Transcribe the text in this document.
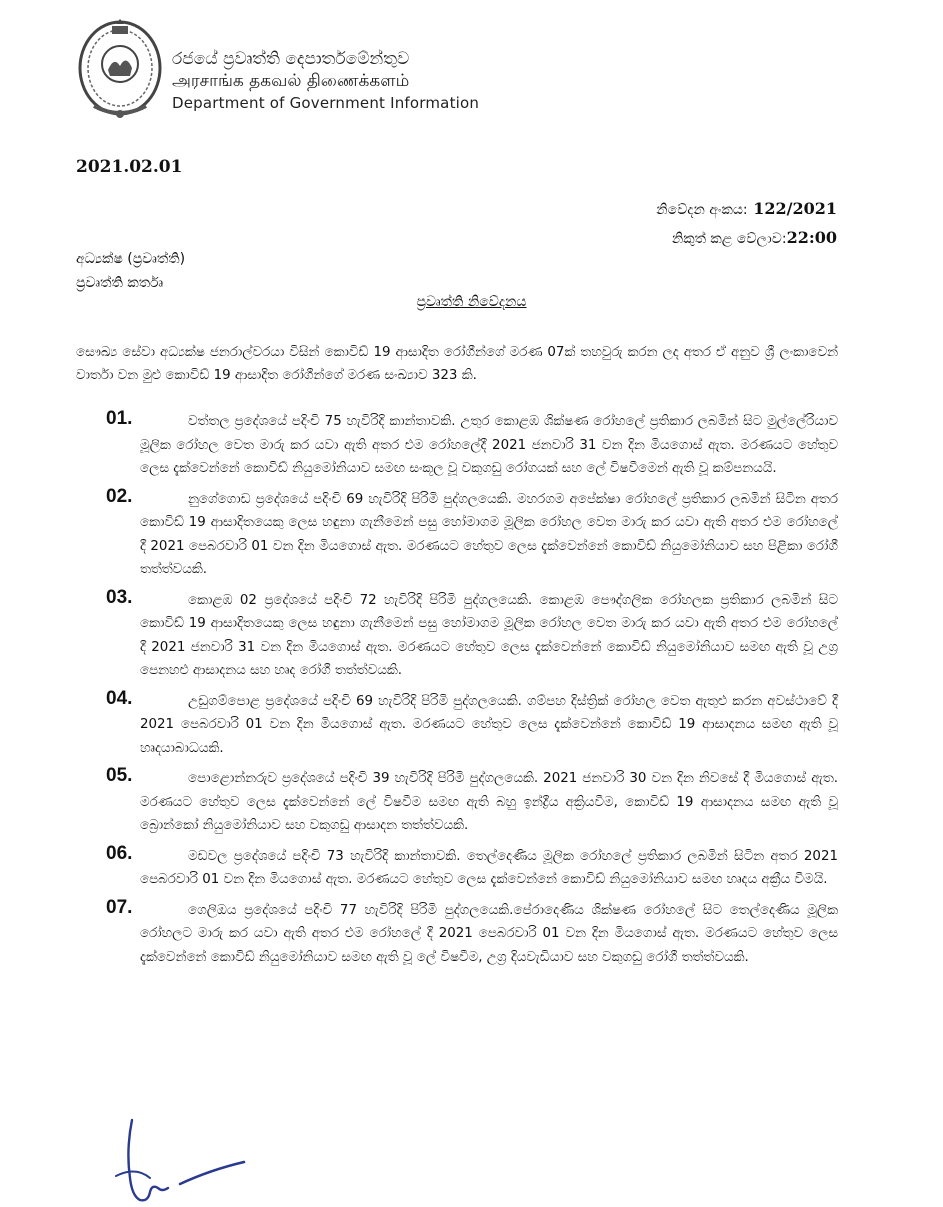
රජයේ ප්‍රවෘත්ති දෙපාර්තමේන්තුව
அரசாங்க தகவல் திணைக்களம்
Department of Government Information
2021.02.01
නිවේදන අංකය: 122/2021
නිකුත් කළ වේලාව:22:00
අධ්‍යක්ෂ (ප්‍රවෘත්ති)
ප්‍රවෘත්ති කර්තෘ
ප්‍රවෘත්ති නිවේදනය
සෞඛ්‍ය සේවා අධ්‍යක්ෂ ජනරාල්වරයා විසින් කොවිඩ් 19 ආසාදිත රෝගීන්ගේ මරණ 07ක් තහවුරු කරන ලද අතර ඒ අනුව ශ්‍රී ලංකාවෙන් වාර්තා වන මුළු කොවිඩ් 19 ආසාදිත රෝගීන්ගේ මරණ සංඛ්‍යාව 323 කි.
01.	වත්තල ප්‍රදේශයේ පදිංචි 75 හැවිරිදි කාන්තාවකි. උතුර කොළඹ ශික්ෂණ රෝහලේ ප්‍රතිකාර ලබමින් සිට මුල්ලේරියාව මූලික රෝහල වෙත මාරු කර යවා ඇති අතර එම රෝහලේදී 2021 ජනවාරි 31 වන දින මියගොස් ඇත. මරණයට හේතුව ලෙස දැක්වෙන්නේ කොවිඩ් නියුමෝනියාව සමඟ සංකූල වූ වකුගඩු රෝගයක් සහ ලේ විෂවීමෙන් ඇති වූ කම්පනයයි.
02.	නුගේගොඩ ප්‍රදේශයේ පදිංචි 69 හැවිරිදි පිරිමි පුද්ගලයෙකි. මහරගම අපේක්ෂා රෝහලේ ප්‍රතිකාර ලබමින් සිටින අතර කොවිඩ් 19 ආසාදිතයෙකු ලෙස හඳුනා ගැනීමෙන් පසු හෝමාගම මූලික රෝහල වෙත මාරු කර යවා ඇති අතර එම රෝහලේ දී 2021 පෙබරවාරි 01 වන දින මියගොස් ඇත. මරණයට හේතුව ලෙස දැක්වෙන්නේ කොවිඩ් නියුමෝනියාව සහ පිළිකා රෝගී තත්ත්වයකි.
03.	කොළඹ 02 ප්‍රදේශයේ පදිංචි 72 හැවිරිදි පිරිමි පුද්ගලයෙකි. කොළඹ පෞද්ගලික රෝහලක ප්‍රතිකාර ලබමින් සිට කොවිඩ් 19 ආසාදිතයෙකු ලෙස හඳුනා ගැනීමෙන් පසු හෝමාගම මූලික රෝහල වෙත මාරු කර යවා ඇති අතර එම රෝහලේ දී 2021 ජනවාරි 31 වන දින මියගොස් ඇත. මරණයට හේතුව ලෙස දැක්වෙන්නේ කොවිඩ් නියුමෝනියාව සමඟ ඇති වූ උග්‍ර පෙනහළු ආසාදනය සහ හෘද රෝගී තත්ත්වයකි.
04.	උඩුගම්පොළ ප්‍රදේශයේ පදිංචි 69 හැවිරිදි පිරිමි පුද්ගලයෙකි. ගම්පහ දිස්ත්‍රික් රෝහල වෙත ඇතුළු කරන අවස්ථාවේ දී 2021 පෙබරවාරි 01 වන දින මියගොස් ඇත. මරණයට හේතුව ලෙස දැක්වෙන්නේ කොවිඩ් 19 ආසාදනය සමඟ ඇති වූ හෘදයාබාධයකි.
05.	පොළොන්නරුව ප්‍රදේශයේ පදිංචි 39 හැවිරිදි පිරිමි පුද්ගලයෙකි. 2021 ජනවාරි 30 වන දින නිවසේ දී මියගොස් ඇත. මරණයට හේතුව ලෙස දැක්වෙන්නේ ලේ විෂවීම සමඟ ඇති බහු ඉන්ද්‍රීය අක්‍රියවීම, කොවිඩ් 19 ආසාදනය සමඟ ඇති වූ බ්‍රොන්කෝ නියුමෝනියාව සහ වකුගඩු ආසාදන තත්ත්වයකි.
06.	මඩවල ප්‍රදේශයේ පදිංචි 73 හැවිරිදි කාන්තාවකි. තෙල්දෙණිය මූලික රෝහලේ ප්‍රතිකාර ලබමින් සිටින අතර 2021 පෙබරවාරි 01 වන දින මියගොස් ඇත. මරණයට හේතුව ලෙස දැක්වෙන්නේ කොවිඩ් නියුමෝනියාව සමඟ හෘදය අක්‍රීය වීමයි.
07.	ගෙලිඔය ප්‍රදේශයේ පදිංචි 77 හැවිරිදි පිරිමි පුද්ගලයෙකි.පේරාදෙණිය ශික්ෂණ රෝහලේ සිට තෙල්දෙණිය මූලික රෝහලට මාරු කර යවා ඇති අතර එම රෝහලේ දී 2021 පෙබරවාරි 01 වන දින මියගොස් ඇත. මරණයට හේතුව ලෙස දැක්වෙන්නේ කොවිඩ් නියුමෝනියාව සමඟ ඇති වූ ලේ විෂවීම, උග්‍ර දියවැඩියාව සහ වකුගඩු රෝගී තත්ත්වයකි.
